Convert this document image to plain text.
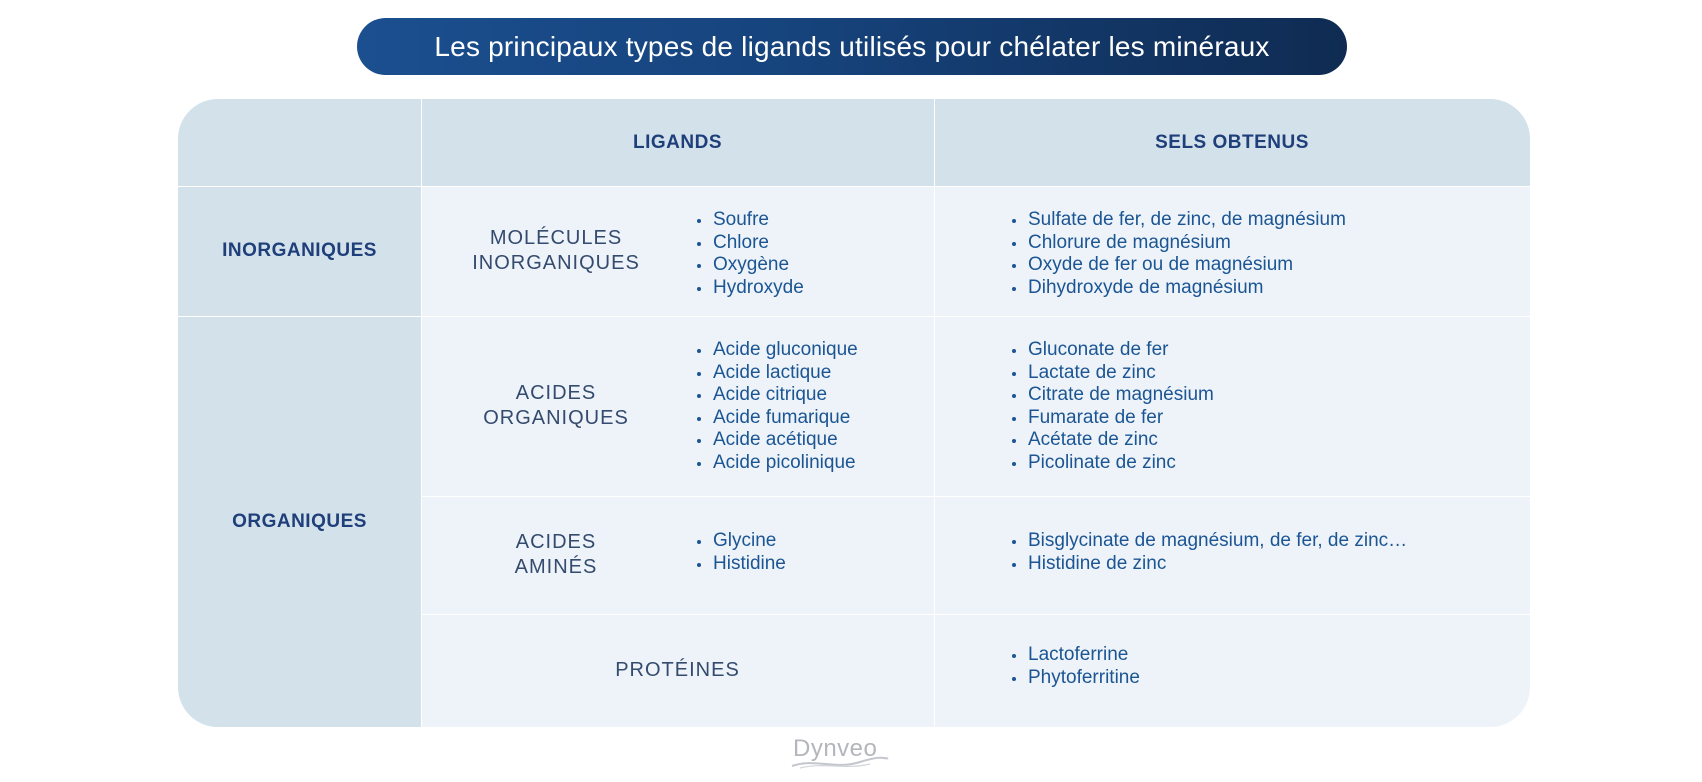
Les principaux types de ligands utilisés pour chélater les minéraux
LIGANDS	SELS OBTENUS
INORGANIQUES
ORGANIQUES
MOLÉCULES
INORGANIQUES
Soufre
Chlore
Oxygène
Hydroxyde
Sulfate de fer, de zinc, de magnésium
Chlorure de magnésium
Oxyde de fer ou de magnésium
Dihydroxyde de magnésium
ACIDES
ORGANIQUES
Acide gluconique
Acide lactique
Acide citrique
Acide fumarique
Acide acétique
Acide picolinique
Gluconate de fer
Lactate de zinc
Citrate de magnésium
Fumarate de fer
Acétate de zinc
Picolinate de zinc
ACIDES
AMINÉS
Glycine
Histidine
Bisglycinate de magnésium, de fer, de zinc…
Histidine de zinc
PROTÉINES
Lactoferrine
Phytoferritine
Dynveo
